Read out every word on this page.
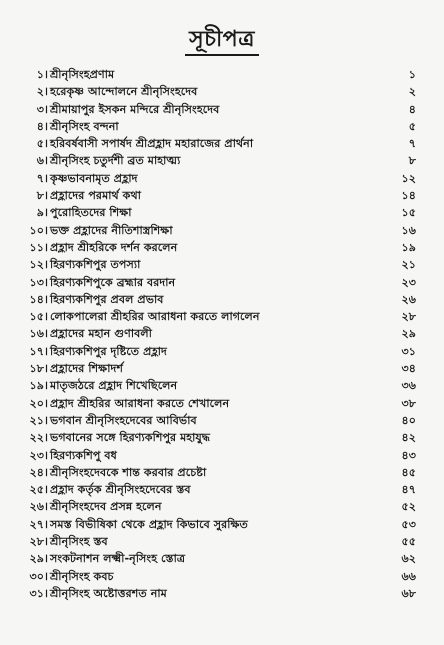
সূচীপত্র
১। শ্রীনৃসিংহপ্রণাম	১
২। হরেকৃষ্ণ আন্দোলনে শ্রীনৃসিংহদেব	২
৩। শ্রীমায়াপুর ইসকন মন্দিরে শ্রীনৃসিংহদেব	৪
৪। শ্রীনৃসিংহ বন্দনা	৫
৫। হরিবর্ষবাসী সপার্ষদ শ্রীপ্রহ্লাদ মহারাজের প্রার্থনা	৭
৬। শ্রীনৃসিংহ চতুর্দশী ব্রত মাহাত্ম্য	৮
৭। কৃষ্ণভাবনামৃত প্রহ্লাদ	১২
৮। প্রহ্লাদের পরমার্থ কথা	১৪
৯। পুরোহিতদের শিক্ষা	১৫
১০। ভক্ত প্রহ্লাদের নীতিশাস্ত্রশিক্ষা	১৬
১১। প্রহ্লাদ শ্রীহরিকে দর্শন করলেন	১৯
১২। হিরণ্যকশিপুর তপস্যা	২১
১৩। হিরণ্যকশিপুকে ব্রহ্মার বরদান	২৩
১৪। হিরণ্যকশিপুর প্রবল প্রভাব	২৬
১৫। লোকপালেরা শ্রীহরির আরাধনা করতে লাগলেন	২৮
১৬। প্রহ্লাদের মহান গুণাবলী	২৯
১৭। হিরণ্যকশিপুর দৃষ্টিতে প্রহ্লাদ	৩১
১৮। প্রহ্লাদের শিক্ষাদর্শ	৩৪
১৯। মাতৃজঠরে প্রহ্লাদ শিখেছিলেন	৩৬
২০। প্রহ্লাদ শ্রীহরির আরাধনা করতে শেখালেন	৩৮
২১। ভগবান শ্রীনৃসিংহদেবের আবির্ভাব	৪০
২২। ভগবানের সঙ্গে হিরণ্যকশিপুর মহাযুদ্ধ	৪২
২৩। হিরণ্যকশিপু বধ	৪৩
২৪। শ্রীনৃসিংহদেবকে শান্ত করবার প্রচেষ্টা	৪৫
২৫। প্রহ্লাদ কর্তৃক শ্রীনৃসিংহদেবের স্তব	৪৭
২৬। শ্রীনৃসিংহদেব প্রসন্ন হলেন	৫২
২৭। সমস্ত বিভীষিকা থেকে প্রহ্লাদ কিভাবে সুরক্ষিত	৫৩
২৮। শ্রীনৃসিংহ স্তব	৫৫
২৯। সংকটনাশন লক্ষ্মী-নৃসিংহ স্তোত্র	৬২
৩০। শ্রীনৃসিংহ কবচ	৬৬
৩১। শ্রীনৃসিংহ অষ্টোত্তরশত নাম	৬৮
